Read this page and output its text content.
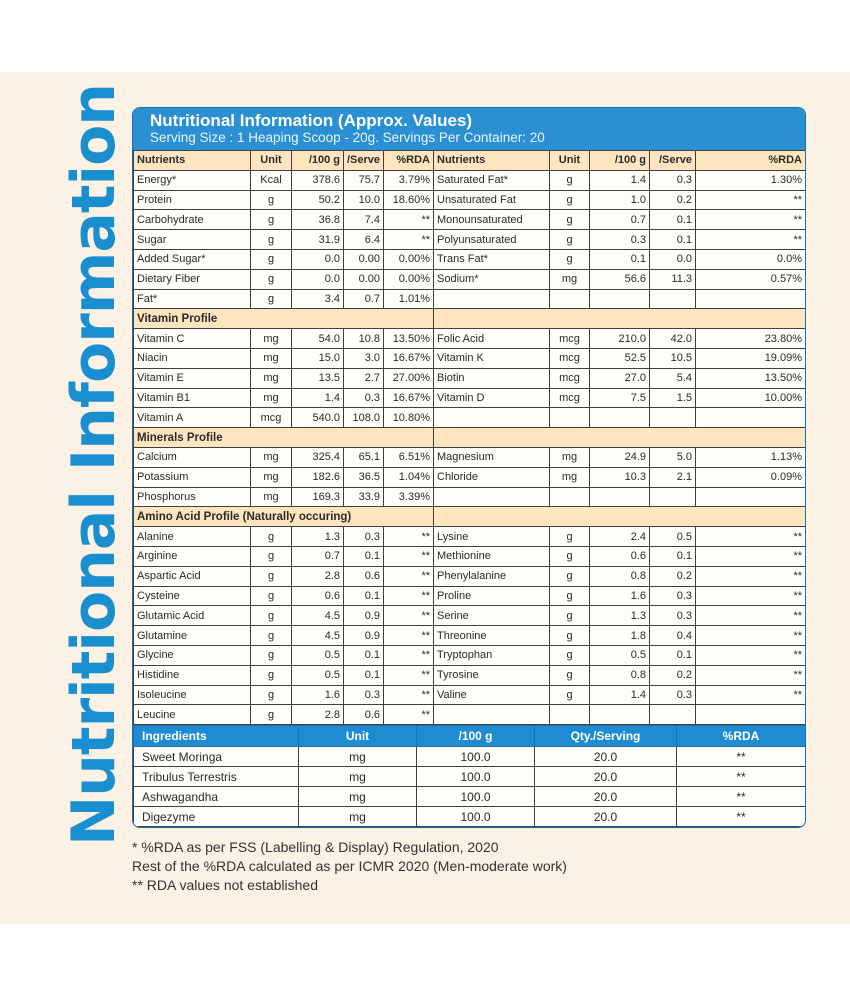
Nutritional Information Nutritional Information (Approx. Values)
Serving Size : 1 Heaping Scoop - 20g. Servings Per Container: 20
Nutrients	Unit	/100 g	/Serve	%RDA	Nutrients	Unit	/100 g	/Serve	%RDA
Energy*	Kcal	378.6	75.7	3.79%	Saturated Fat*	g	1.4	0.3	1.30%
Protein	g	50.2	10.0	18.60%	Unsaturated Fat	g	1.0	0.2	**
Carbohydrate	g	36.8	7.4	**	Monounsaturated	g	0.7	0.1	**
Sugar	g	31.9	6.4	**	Polyunsaturated	g	0.3	0.1	**
Added Sugar*	g	0.0	0.00	0.00%	Trans Fat*	g	0.1	0.0	0.0%
Dietary Fiber	g	0.0	0.00	0.00%	Sodium*	mg	56.6	11.3	0.57%
Fat*	g	3.4	0.7	1.01%					
Vitamin Profile									
Vitamin C	mg	54.0	10.8	13.50%	Folic Acid	mcg	210.0	42.0	23.80%
Niacin	mg	15.0	3.0	16.67%	Vitamin K	mcg	52.5	10.5	19.09%
Vitamin E	mg	13.5	2.7	27.00%	Biotin	mcg	27.0	5.4	13.50%
Vitamin B1	mg	1.4	0.3	16.67%	Vitamin D	mcg	7.5	1.5	10.00%
Vitamin A	mcg	540.0	108.0	10.80%					
Minerals Profile									
Calcium	mg	325.4	65.1	6.51%	Magnesium	mg	24.9	5.0	1.13%
Potassium	mg	182.6	36.5	1.04%	Chloride	mg	10.3	2.1	0.09%
Phosphorus	mg	169.3	33.9	3.39%					
Amino Acid Profile (Naturally occuring)									
Alanine	g	1.3	0.3	**	Lysine	g	2.4	0.5	**
Arginine	g	0.7	0.1	**	Methionine	g	0.6	0.1	**
Aspartic Acid	g	2.8	0.6	**	Phenylalanine	g	0.8	0.2	**
Cysteine	g	0.6	0.1	**	Proline	g	1.6	0.3	**
Glutamic Acid	g	4.5	0.9	**	Serine	g	1.3	0.3	**
Glutamine	g	4.5	0.9	**	Threonine	g	1.8	0.4	**
Glycine	g	0.5	0.1	**	Tryptophan	g	0.5	0.1	**
Histidine	g	0.5	0.1	**	Tyrosine	g	0.8	0.2	**
Isoleucine	g	1.6	0.3	**	Valine	g	1.4	0.3	**
Leucine	g	2.8	0.6	**					
Ingredients	Unit	/100 g	Qty./Serving	%RDA
Sweet Moringa	mg	100.0	20.0	**
Tribulus Terrestris	mg	100.0	20.0	**
Ashwagandha	mg	100.0	20.0	**
Digezyme	mg	100.0	20.0	**
* %RDA as per FSS (Labelling & Display) Regulation, 2020
Rest of the %RDA calculated as per ICMR 2020 (Men-moderate work)
** RDA values not established
